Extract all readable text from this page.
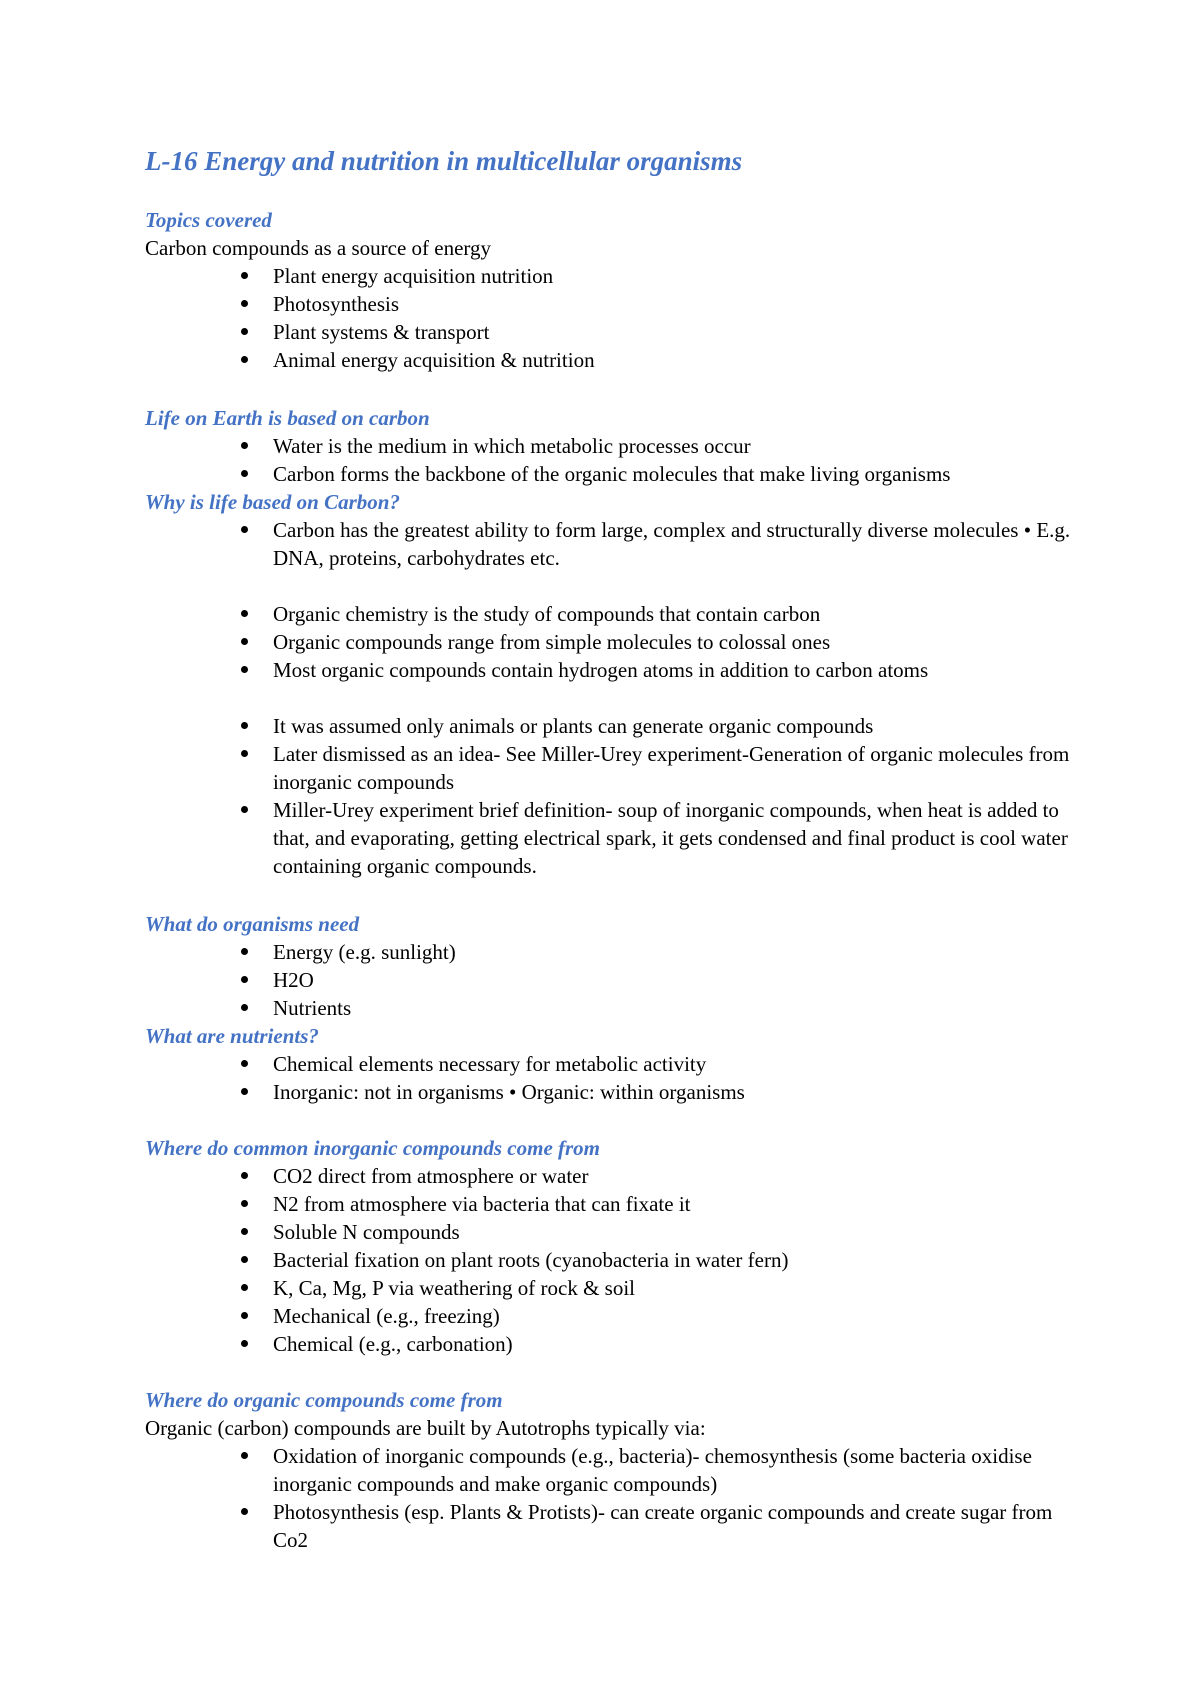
L-16 Energy and nutrition in multicellular organisms
Topics covered
Carbon compounds as a source of energy
Plant energy acquisition nutrition
Photosynthesis
Plant systems & transport
Animal energy acquisition & nutrition
Life on Earth is based on carbon
Water is the medium in which metabolic processes occur
Carbon forms the backbone of the organic molecules that make living organisms
Why is life based on Carbon?
Carbon has the greatest ability to form large, complex and structurally diverse molecules • E.g. DNA, proteins, carbohydrates etc.
Organic chemistry is the study of compounds that contain carbon
Organic compounds range from simple molecules to colossal ones
Most organic compounds contain hydrogen atoms in addition to carbon atoms
It was assumed only animals or plants can generate organic compounds
Later dismissed as an idea- See Miller-Urey experiment-Generation of organic molecules from inorganic compounds
Miller-Urey experiment brief definition- soup of inorganic compounds, when heat is added to that, and evaporating, getting electrical spark, it gets condensed and final product is cool water containing organic compounds.
What do organisms need
Energy (e.g. sunlight)
H2O
Nutrients
What are nutrients?
Chemical elements necessary for metabolic activity
Inorganic: not in organisms • Organic: within organisms
Where do common inorganic compounds come from
CO2 direct from atmosphere or water
N2 from atmosphere via bacteria that can fixate it
Soluble N compounds
Bacterial fixation on plant roots (cyanobacteria in water fern)
K, Ca, Mg, P via weathering of rock & soil
Mechanical (e.g., freezing)
Chemical (e.g., carbonation)
Where do organic compounds come from
Organic (carbon) compounds are built by Autotrophs typically via:
Oxidation of inorganic compounds (e.g., bacteria)- chemosynthesis (some bacteria oxidise inorganic compounds and make organic compounds)
Photosynthesis (esp. Plants & Protists)- can create organic compounds and create sugar from Co2
